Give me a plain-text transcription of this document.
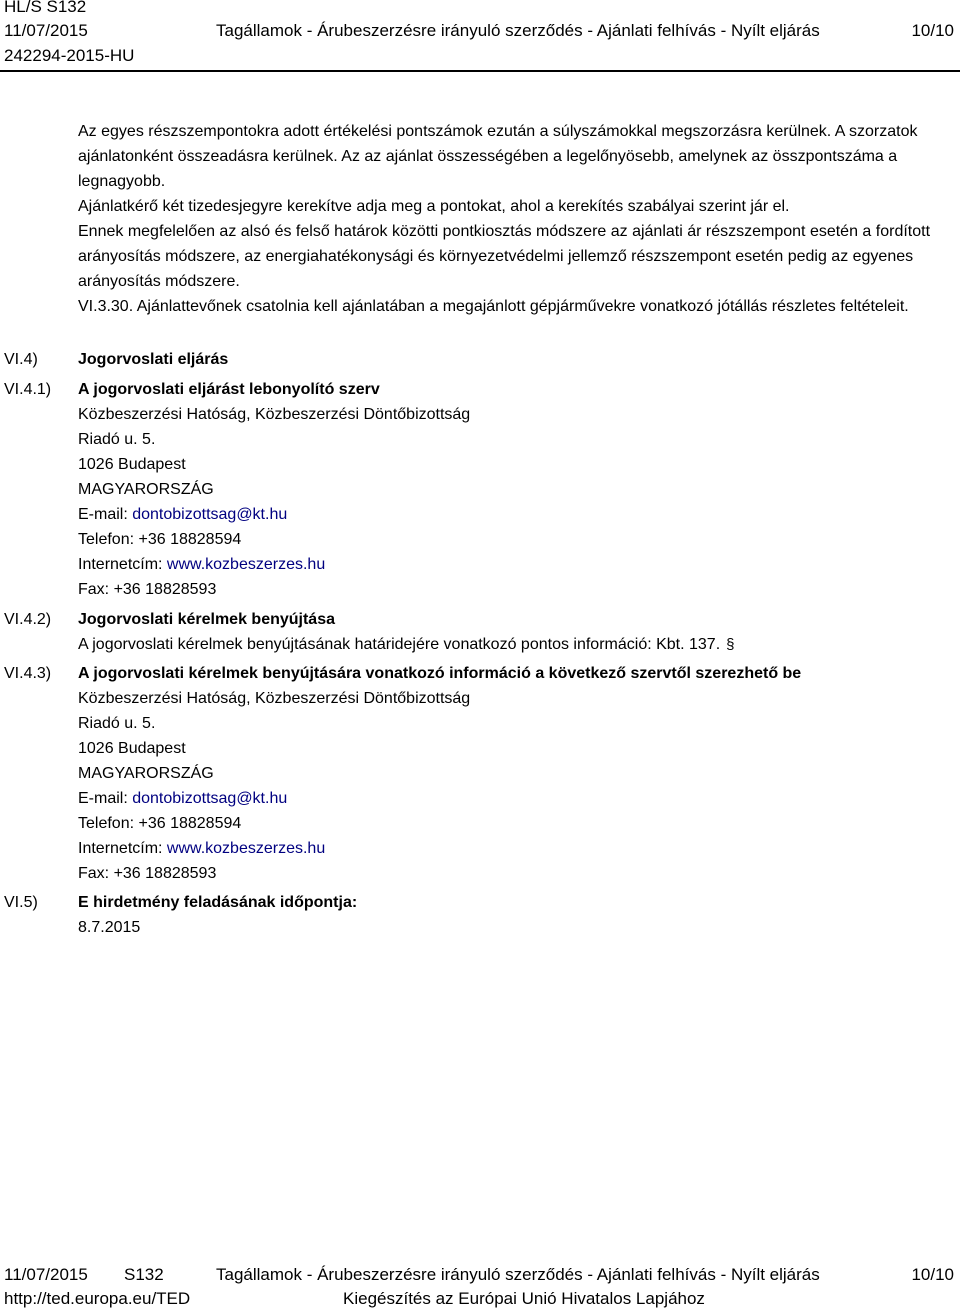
HL/S S132
11/07/2015
242294-2015-HU
Tagállamok - Árubeszerzésre irányuló szerződés - Ajánlati felhívás - Nyílt eljárás	10/10

Az egyes részszempontokra adott értékelési pontszámok ezután a súlyszámokkal megszorzásra kerülnek. A szorzatok ajánlatonként összeadásra kerülnek. Az az ajánlat összességében a legelőnyösebb, amelynek az összpontszáma a legnagyobb.

Ajánlatkérő két tizedesjegyre kerekítve adja meg a pontokat, ahol a kerekítés szabályai szerint jár el.

Ennek megfelelően az alsó és felső határok közötti pontkiosztás módszere az ajánlati ár részszempont esetén a fordított arányosítás módszere, az energiahatékonysági és környezetvédelmi jellemző részszempont esetén pedig az egyenes arányosítás módszere.

VI.3.30. Ajánlattevőnek csatolnia kell ajánlatában a megajánlott gépjárművekre vonatkozó jótállás részletes feltételeit.

VI.4)	Jogorvoslati eljárás
VI.4.1) A jogorvoslati eljárást lebonyolító szerv
Közbeszerzési Hatóság, Közbeszerzési Döntőbizottság
Riadó u. 5.
1026 Budapest
MAGYARORSZÁG
E-mail: dontobizottsag@kt.hu
Telefon: +36 18828594
Internetcím: www.kozbeszerzes.hu
Fax: +36 18828593
VI.4.2) Jogorvoslati kérelmek benyújtása
A jogorvoslati kérelmek benyújtásának határidejére vonatkozó pontos információ: Kbt. 137. §
VI.4.3) A jogorvoslati kérelmek benyújtására vonatkozó információ a következő szervtől szerezhető be
Közbeszerzési Hatóság, Közbeszerzési Döntőbizottság
Riadó u. 5.
1026 Budapest
MAGYARORSZÁG
E-mail: dontobizottsag@kt.hu
Telefon: +36 18828594
Internetcím: www.kozbeszerzes.hu
Fax: +36 18828593
VI.5)	E hirdetmény feladásának időpontja:
8.7.2015
11/07/2015 S132	Tagállamok - Árubeszerzésre irányuló szerződés - Ajánlati felhívás - Nyílt eljárás	10/10
http://ted.europa.eu/TED	Kiegészítés az Európai Unió Hivatalos Lapjához
